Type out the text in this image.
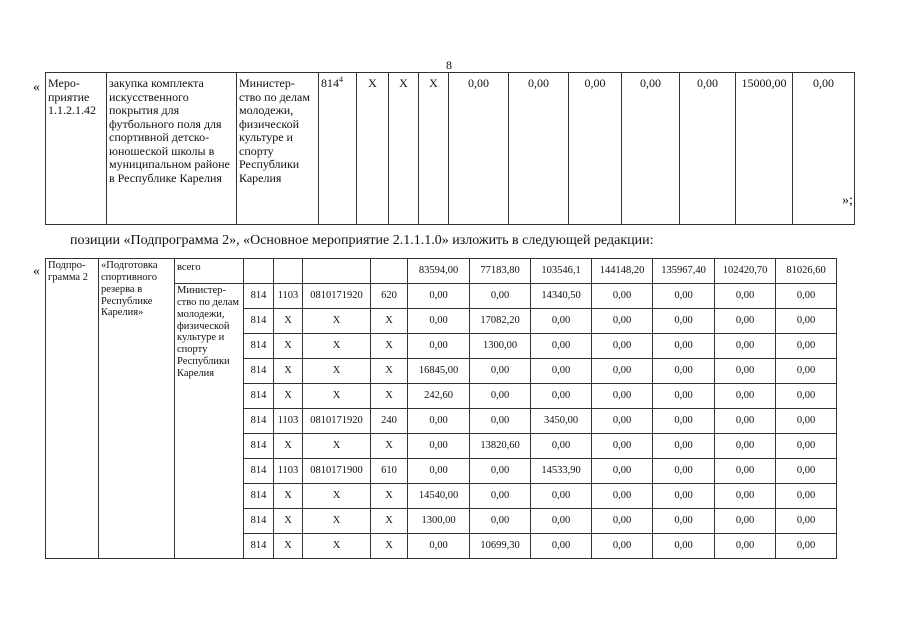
8
«
»;
Меро-приятие 1.1.2.1.42	закупка комплекта искусственного покрытия для футбольного поля для спортивной детско-юношеской школы в муниципальном районе в Республике Карелия	Министер-ство по делам молодежи, физической культуре и спорту Республики Карелия	$814^4$	Х	Х	Х	0,00	0,00	0,00	0,00	0,00	15000,00	0,00
позиции «Подпрограмма 2», «Основное мероприятие 2.1.1.1.0» изложить в следующей редакции:
« Подпро-грамма 2	«Подготовка спортивного резерва в Республике Карелия»	всего					83594,00	77183,80	103546,1	144148,20	135967,40	102420,70	81026,60
		Министер-ство по делам молодежи, физической культуре и спорту Республики Карелия	814	1103	0810171920	620	0,00	0,00	14340,50	0,00	0,00	0,00	0,00
			814	Х	Х	Х	0,00	17082,20	0,00	0,00	0,00	0,00	0,00
			814	Х	Х	Х	0,00	1300,00	0,00	0,00	0,00	0,00	0,00
			814	Х	Х	Х	16845,00	0,00	0,00	0,00	0,00	0,00	0,00
			814	Х	Х	Х	242,60	0,00	0,00	0,00	0,00	0,00	0,00
			814	1103	0810171920	240	0,00	0,00	3450,00	0,00	0,00	0,00	0,00
			814	Х	Х	Х	0,00	13820,60	0,00	0,00	0,00	0,00	0,00
			814	1103	0810171900	610	0,00	0,00	14533,90	0,00	0,00	0,00	0,00
			814	Х	Х	Х	14540,00	0,00	0,00	0,00	0,00	0,00	0,00
			814	Х	Х	Х	1300,00	0,00	0,00	0,00	0,00	0,00	0,00
			814	Х	Х	Х	0,00	10699,30	0,00	0,00	0,00	0,00	0,00
